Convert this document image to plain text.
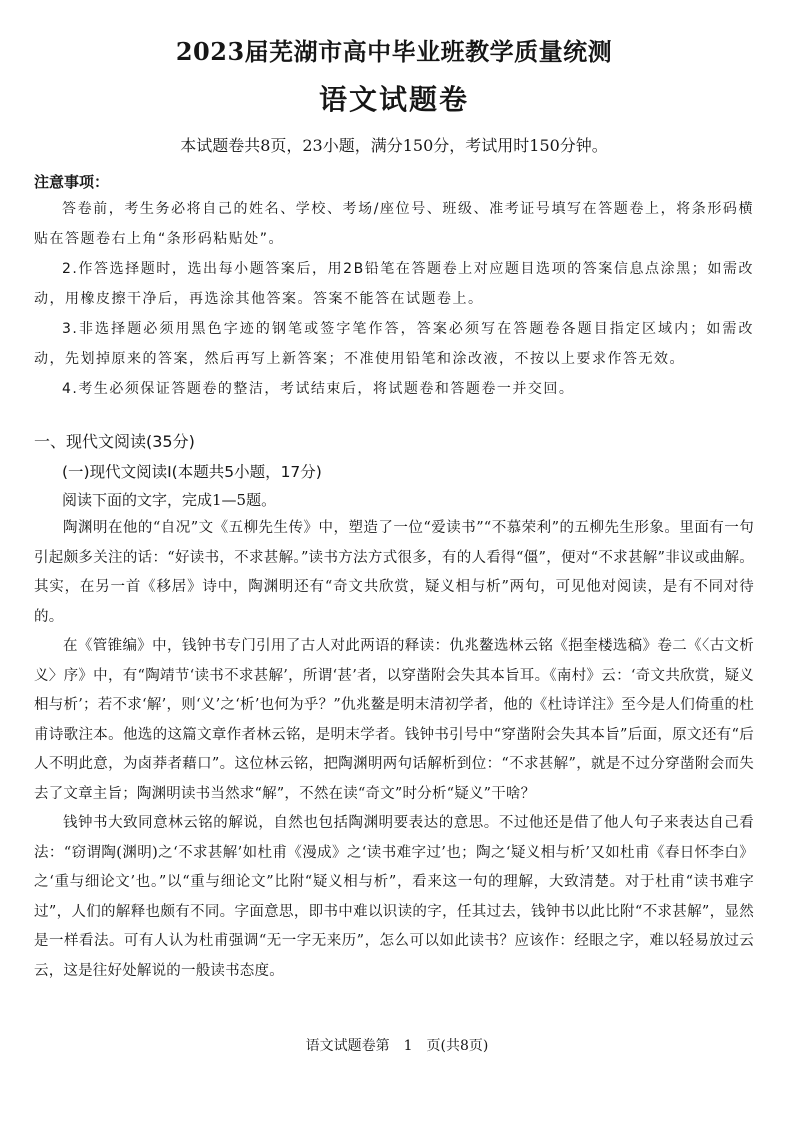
2023届芜湖市高中毕业班教学质量统测
语文试题卷
本试题卷共8页，23小题，满分150分，考试用时150分钟。
注意事项：

答卷前，考生务必将自己的姓名、学校、考场/座位号、班级、准考证号填写在答题卷上，将条形码横贴在答题卷右上角“条形码粘贴处”。

2.作答选择题时，选出每小题答案后，用2B铅笔在答题卷上对应题目选项的答案信息点涂黑；如需改动，用橡皮擦干净后，再选涂其他答案。答案不能答在试题卷上。

3.非选择题必须用黑色字迹的钢笔或签字笔作答，答案必须写在答题卷各题目指定区域内；如需改动，先划掉原来的答案，然后再写上新答案；不准使用铅笔和涂改液，不按以上要求作答无效。

4.考生必须保证答题卷的整洁，考试结束后，将试题卷和答题卷一并交回。

一、现代文阅读(35分)
(一)现代文阅读Ⅰ(本题共5小题，17分)
阅读下面的文字，完成1—5题。

陶渊明在他的“自况”文《五柳先生传》中，塑造了一位“爱读书”“不慕荣利”的五柳先生形象。里面有一句引起颇多关注的话：“好读书，不求甚解。”读书方法方式很多，有的人看得“僵”，便对“不求甚解”非议或曲解。其实，在另一首《移居》诗中，陶渊明还有“奇文共欣赏，疑义相与析”两句，可见他对阅读，是有不同对待的。

在《管锥编》中，钱钟书专门引用了古人对此两语的释读：仇兆鳌选林云铭《挹奎楼选稿》卷二《〈古文析义〉序》中，有“陶靖节‘读书不求甚解’，所谓‘甚’者，以穿凿附会失其本旨耳。《南村》云：‘奇文共欣赏，疑义相与析’；若不求‘解’，则‘义’之‘析’也何为乎？”仇兆鳌是明末清初学者，他的《杜诗详注》至今是人们倚重的杜甫诗歌注本。他选的这篇文章作者林云铭，是明末学者。钱钟书引号中“穿凿附会失其本旨”后面，原文还有“后人不明此意，为卤莽者藉口”。这位林云铭，把陶渊明两句话解析到位：“不求甚解”，就是不过分穿凿附会而失去了文章主旨；陶渊明读书当然求“解”，不然在读“奇文”时分析“疑义”干啥？

钱钟书大致同意林云铭的解说，自然也包括陶渊明要表达的意思。不过他还是借了他人句子来表达自己看法：“窃谓陶(渊明)之‘不求甚解’如杜甫《漫成》之‘读书难字过’也；陶之‘疑义相与析’又如杜甫《春日怀李白》之‘重与细论文’也。”以“重与细论文”比附“疑义相与析”，看来这一句的理解，大致清楚。对于杜甫“读书难字过”，人们的解释也颇有不同。字面意思，即书中难以识读的字，任其过去，钱钟书以此比附“不求甚解”，显然是一样看法。可有人认为杜甫强调“无一字无来历”，怎么可以如此读书？应该作：经眼之字，难以轻易放过云云，这是往好处解说的一般读书态度。

语文试题卷第　1　页(共8页)
